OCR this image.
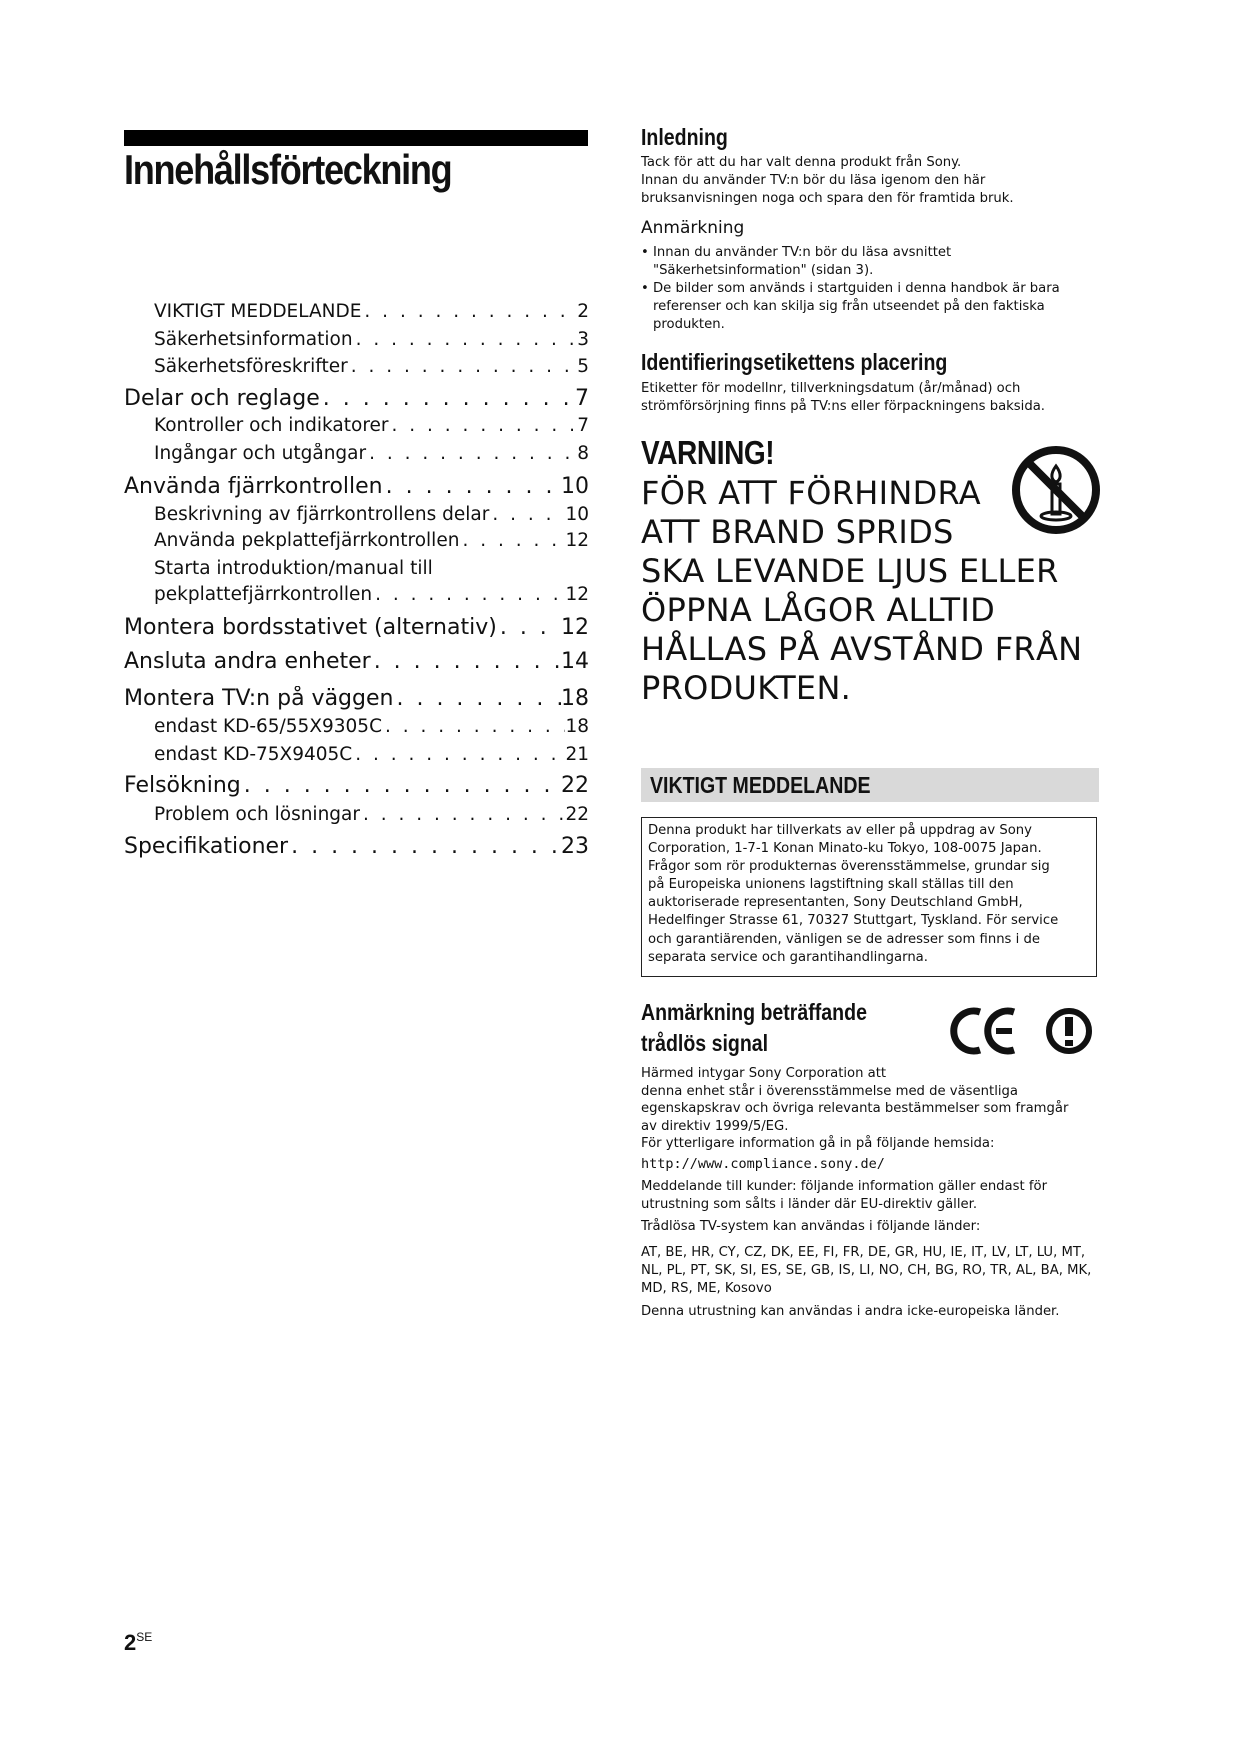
Innehållsförteckning
VIKTIGT MEDDELANDE . . .	2
Säkerhetsinformation . . .	3
Säkerhetsföreskrifter . . .	5
Delar och reglage . . .	7
Kontroller och indikatorer . . .	7
Ingångar och utgångar . . .	8
Använda fjärrkontrollen . . .	10
Beskrivning av fjärrkontrollens delar . . .	10
Använda pekplattefjärrkontrollen . . .	12
Starta introduktion/manual till
pekplattefjärrkontrollen . . .	12
Montera bordsstativet (alternativ) . . .	12
Ansluta andra enheter . . .	14
Montera TV:n på väggen . . .	18
endast KD-65/55X9305C . . .	18
endast KD-75X9405C . . .	21
Felsökning . . .	22
Problem och lösningar . . .	22
Specifikationer . . .	23
$2^{SE}$
Inledning
Tack för att du har valt denna produkt från Sony.
Innan du använder TV:n bör du läsa igenom den här
bruksanvisningen noga och spara den för framtida bruk.
Anmärkning
• Innan du använder TV:n bör du läsa avsnittet
"Säkerhetsinformation" (sidan 3).
• De bilder som används i startguiden i denna handbok är bara
referenser och kan skilja sig från utseendet på den faktiska
produkten.
Identifieringsetikettens placering
Etiketter för modellnr, tillverkningsdatum (år/månad) och
strömförsörjning finns på TV:ns eller förpackningens baksida.
VARNING!
FÖR ATT FÖRHINDRA
ATT BRAND SPRIDS
SKA LEVANDE LJUS ELLER
ÖPPNA LÅGOR ALLTID
HÅLLAS PÅ AVSTÅND FRÅN
PRODUKTEN.
VIKTIGT MEDDELANDE
Denna produkt har tillverkats av eller på uppdrag av Sony
Corporation, 1-7-1 Konan Minato-ku Tokyo, 108-0075 Japan.
Frågor som rör produkternas överensstämmelse, grundar sig
på Europeiska unionens lagstiftning skall ställas till den
auktoriserade representanten, Sony Deutschland GmbH,
Hedelfinger Strasse 61, 70327 Stuttgart, Tyskland. För service
och garantiärenden, vänligen se de adresser som finns i de
separata service och garantihandlingarna.
Anmärkning beträffande
trådlös signal
Härmed intygar Sony Corporation att
denna enhet står i överensstämmelse med de väsentliga
egenskapskrav och övriga relevanta bestämmelser som framgår
av direktiv 1999/5/EG.
För ytterligare information gå in på följande hemsida:
http://www.compliance.sony.de/
Meddelande till kunder: följande information gäller endast för
utrustning som sålts i länder där EU-direktiv gäller.
Trådlösa TV-system kan användas i följande länder:
AT, BE, HR, CY, CZ, DK, EE, FI, FR, DE, GR, HU, IE, IT, LV, LT, LU, MT,
NL, PL, PT, SK, SI, ES, SE, GB, IS, LI, NO, CH, BG, RO, TR, AL, BA, MK,
MD, RS, ME, Kosovo
Denna utrustning kan användas i andra icke-europeiska länder.
